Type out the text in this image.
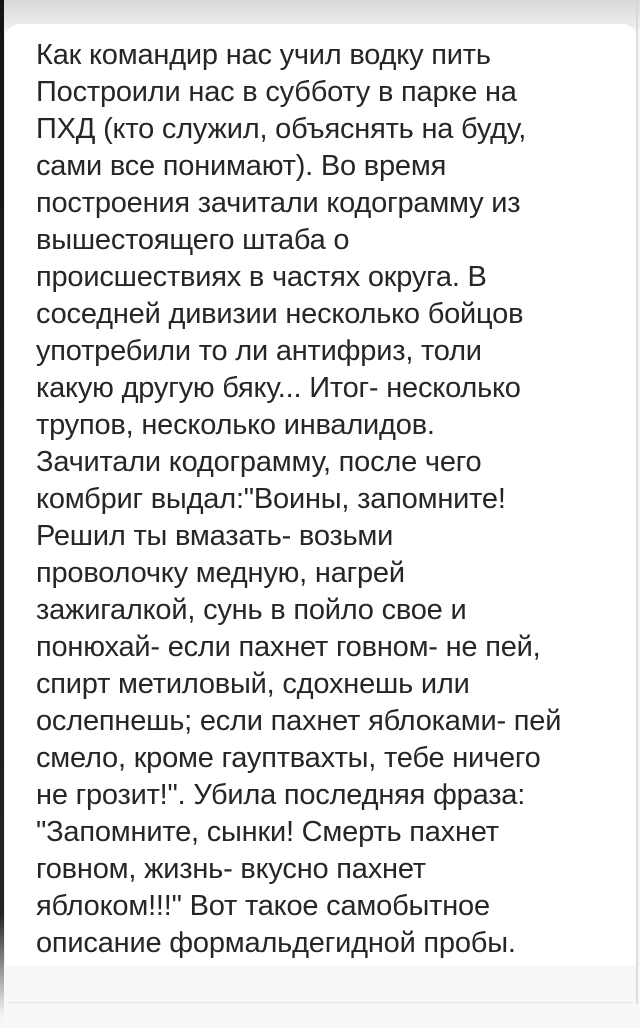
Как командир нас учил водку пить
Построили нас в субботу в парке на
ПХД (кто служил, объяснять на буду,
сами все понимают). Во время
построения зачитали кодограмму из
вышестоящего штаба о
происшествиях в частях округа. В
соседней дивизии несколько бойцов
употребили то ли антифриз, толи
какую другую бяку... Итог- несколько
трупов, несколько инвалидов.
Зачитали кодограмму, после чего
комбриг выдал:"Воины, запомните!
Решил ты вмазать- возьми
проволочку медную, нагрей
зажигалкой, сунь в пойло свое и
понюхай- если пахнет говном- не пей,
спирт метиловый, сдохнешь или
ослепнешь; если пахнет яблоками- пей
смело, кроме гауптвахты, тебе ничего
не грозит!". Убила последняя фраза:
"Запомните, сынки! Смерть пахнет
говном, жизнь- вкусно пахнет
яблоком!!!" Вот такое самобытное
описание формальдегидной пробы.
